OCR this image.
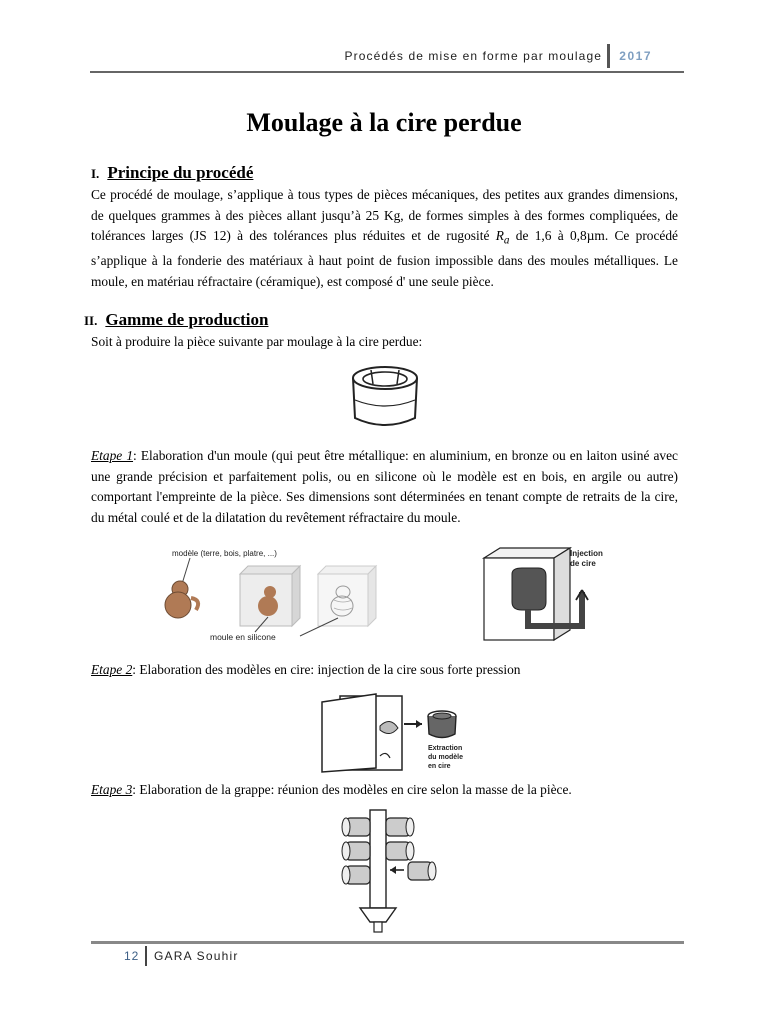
Procédés de mise en forme par moulage 2017
Moulage à la cire perdue
I. Principe du procédé
Ce procédé de moulage, s’applique à tous types de pièces mécaniques, des petites aux grandes dimensions, de quelques grammes à des pièces allant jusqu’à 25 Kg, de formes simples à des formes compliquées, de tolérances larges (JS 12) à des tolérances plus réduites et de rugosité $R_a$ de 1,6 à 0,8µm. Ce procédé s’applique à la fonderie des matériaux à haut point de fusion impossible dans des moules métalliques. Le moule, en matériau réfractaire (céramique), est composé d' une seule pièce.
II. Gamme de production
Soit à produire la pièce suivante par moulage à la cire perdue:
Etape 1: Elaboration d'un moule (qui peut être métallique: en aluminium, en bronze ou en laiton usiné avec une grande précision et parfaitement polis, ou en silicone où le modèle est en bois, en argile ou autre) comportant l'empreinte de la pièce. Ses dimensions sont déterminées en tenant compte de retraits de la cire, du métal coulé et de la dilatation du revêtement réfractaire du moule.
modèle (terre, bois, platre, ...)
moule en silicone
Injection
de cire
Etape 2: Elaboration des modèles en cire: injection de la cire sous forte pression
Extraction
du modèle
en cire
Etape 3: Elaboration de la grappe: réunion des modèles en cire selon la masse de la pièce.
12 GARA Souhir
